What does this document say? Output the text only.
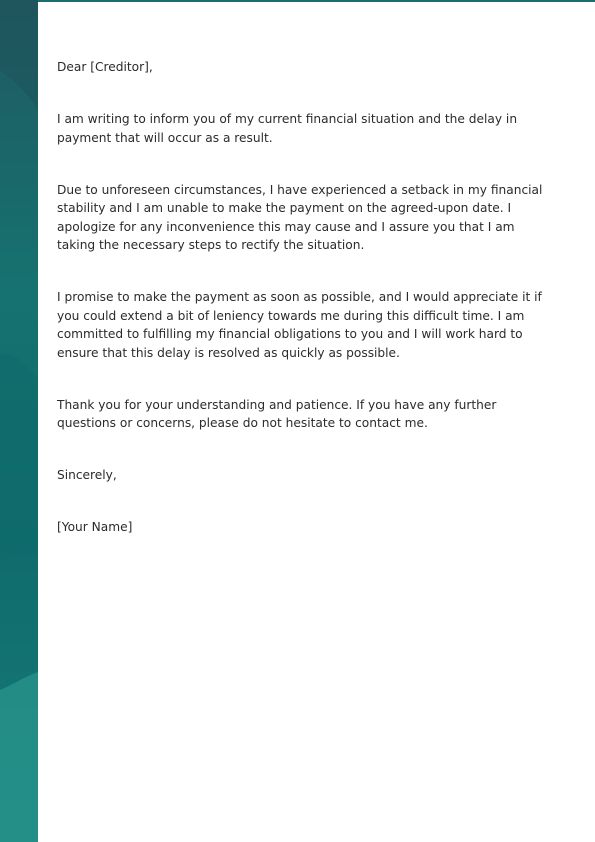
Dear [Creditor],

I am writing to inform you of my current financial situation and the delay in payment that will occur as a result.

Due to unforeseen circumstances, I have experienced a setback in my financial stability and I am unable to make the payment on the agreed-upon date. I apologize for any inconvenience this may cause and I assure you that I am taking the necessary steps to rectify the situation.

I promise to make the payment as soon as possible, and I would appreciate it if you could extend a bit of leniency towards me during this difficult time. I am committed to fulfilling my financial obligations to you and I will work hard to ensure that this delay is resolved as quickly as possible.

Thank you for your understanding and patience. If you have any further questions or concerns, please do not hesitate to contact me.

Sincerely,

[Your Name]
